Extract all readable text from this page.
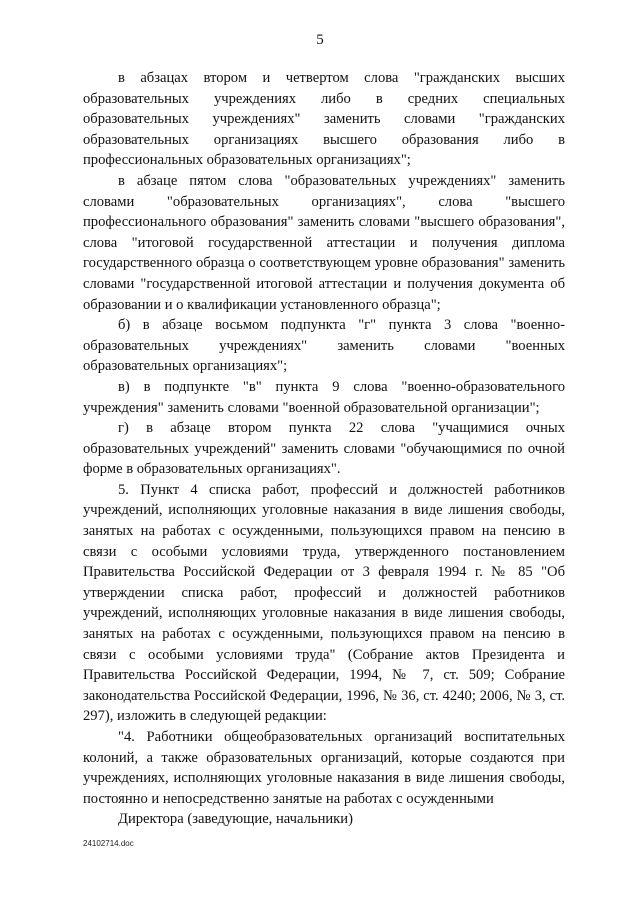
5

в абзацах втором и четвертом слова "гражданских высших образовательных учреждениях либо в средних специальных образовательных учреждениях" заменить словами "гражданских образовательных организациях высшего образования либо в профессиональных образовательных организациях";

в абзаце пятом слова "образовательных учреждениях" заменить словами "образовательных организациях", слова "высшего профессионального образования" заменить словами "высшего образования", слова "итоговой государственной аттестации и получения диплома государственного образца о соответствующем уровне образования" заменить словами "государственной итоговой аттестации и получения документа об образовании и о квалификации установленного образца";

б) в абзаце восьмом подпункта "г" пункта 3 слова "военно-образовательных учреждениях" заменить словами "военных образовательных организациях";

в) в подпункте "в" пункта 9 слова "военно-образовательного учреждения" заменить словами "военной образовательной организации";

г) в абзаце втором пункта 22 слова "учащимися очных образовательных учреждений" заменить словами "обучающимися по очной форме в образовательных организациях".

5. Пункт 4 списка работ, профессий и должностей работников учреждений, исполняющих уголовные наказания в виде лишения свободы, занятых на работах с осужденными, пользующихся правом на пенсию в связи с особыми условиями труда, утвержденного постановлением Правительства Российской Федерации от 3 февраля 1994 г. № 85 "Об утверждении списка работ, профессий и должностей работников учреждений, исполняющих уголовные наказания в виде лишения свободы, занятых на работах с осужденными, пользующихся правом на пенсию в связи с особыми условиями труда" (Собрание актов Президента и Правительства Российской Федерации, 1994, № 7, ст. 509; Собрание законодательства Российской Федерации, 1996, № 36, ст. 4240; 2006, № 3, ст. 297), изложить в следующей редакции:

"4. Работники общеобразовательных организаций воспитательных колоний, а также образовательных организаций, которые создаются при учреждениях, исполняющих уголовные наказания в виде лишения свободы, постоянно и непосредственно занятые на работах с осужденными

Директора (заведующие, начальники)

24102714.doc
